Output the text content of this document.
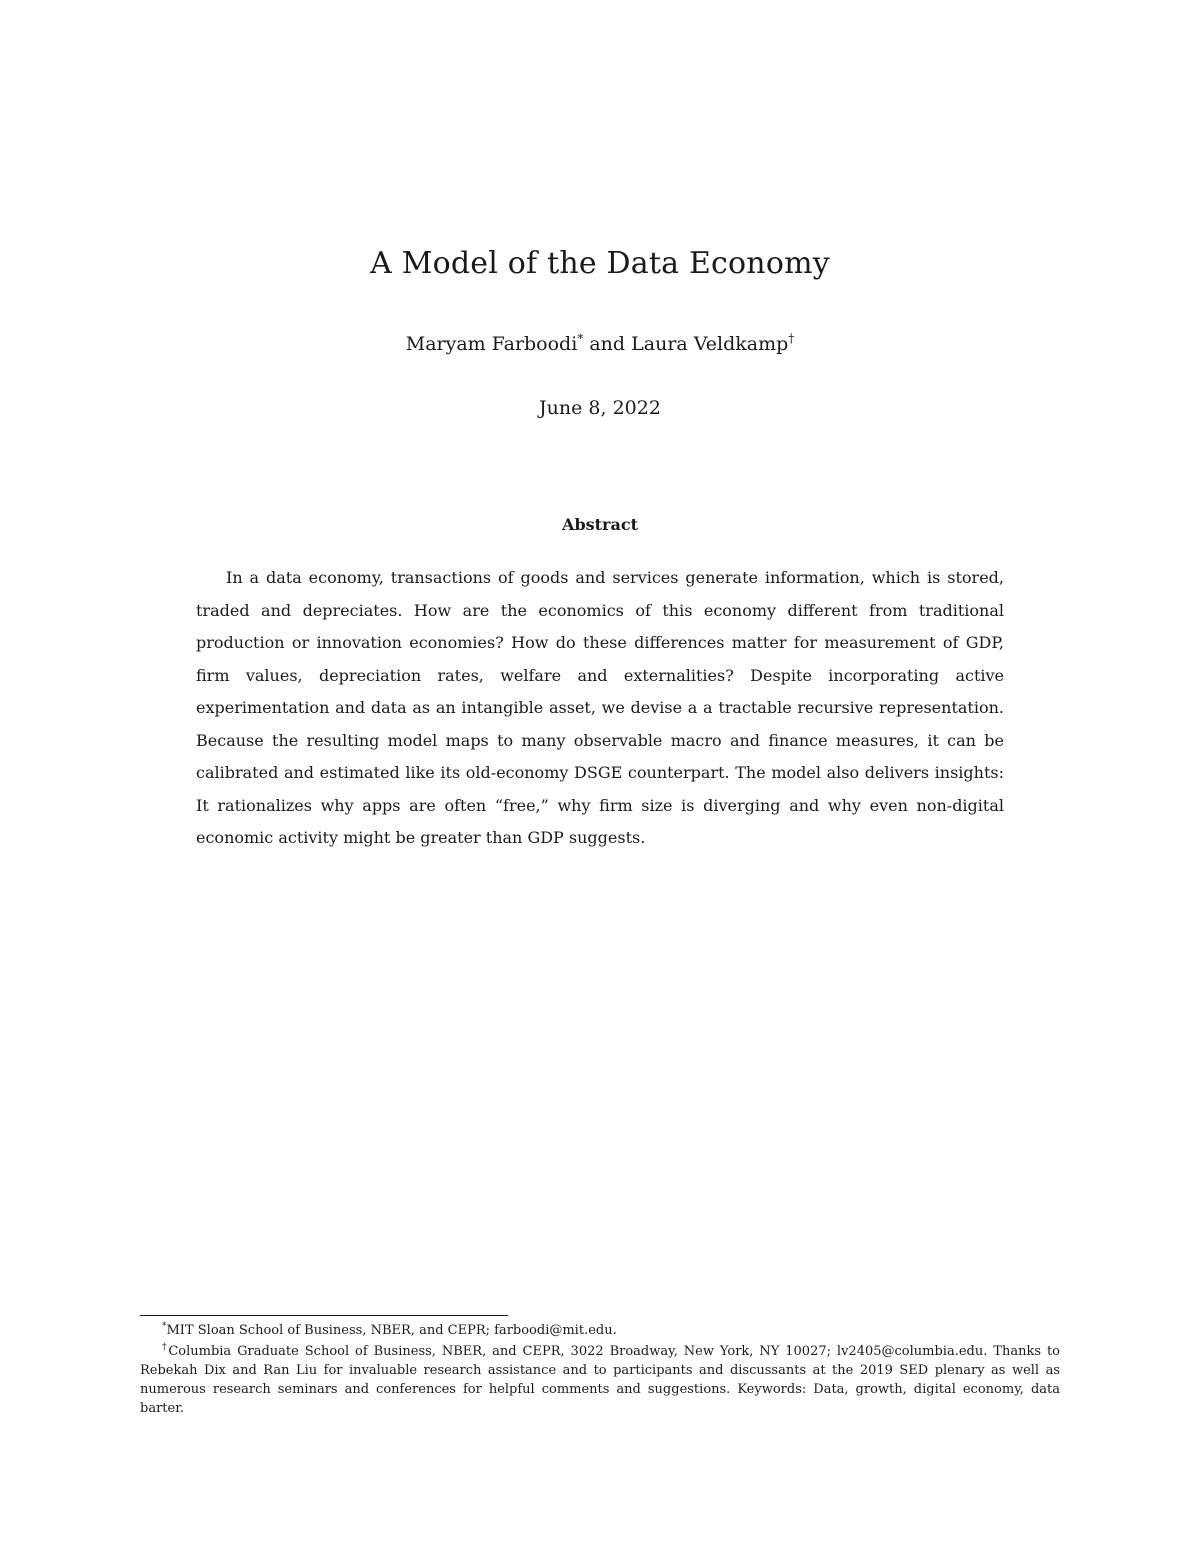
A Model of the Data Economy
Maryam Farboodi* and Laura Veldkamp†
June 8, 2022
Abstract

In a data economy, transactions of goods and services generate information, which is stored, traded and depreciates. How are the economics of this economy different from traditional production or innovation economies? How do these differences matter for measurement of GDP, firm values, depreciation rates, welfare and externalities? Despite incorporating active experimentation and data as an intangible asset, we devise a a tractable recursive representation. Because the resulting model maps to many observable macro and finance measures, it can be calibrated and estimated like its old-economy DSGE counterpart. The model also delivers insights: It rationalizes why apps are often “free,” why firm size is diverging and why even non-digital economic activity might be greater than GDP suggests.

*MIT Sloan School of Business, NBER, and CEPR; farboodi@mit.edu.

†Columbia Graduate School of Business, NBER, and CEPR, 3022 Broadway, New York, NY 10027; lv2405@columbia.edu. Thanks to Rebekah Dix and Ran Liu for invaluable research assistance and to participants and discussants at the 2019 SED plenary as well as numerous research seminars and conferences for helpful comments and suggestions. Keywords: Data, growth, digital economy, data barter.
